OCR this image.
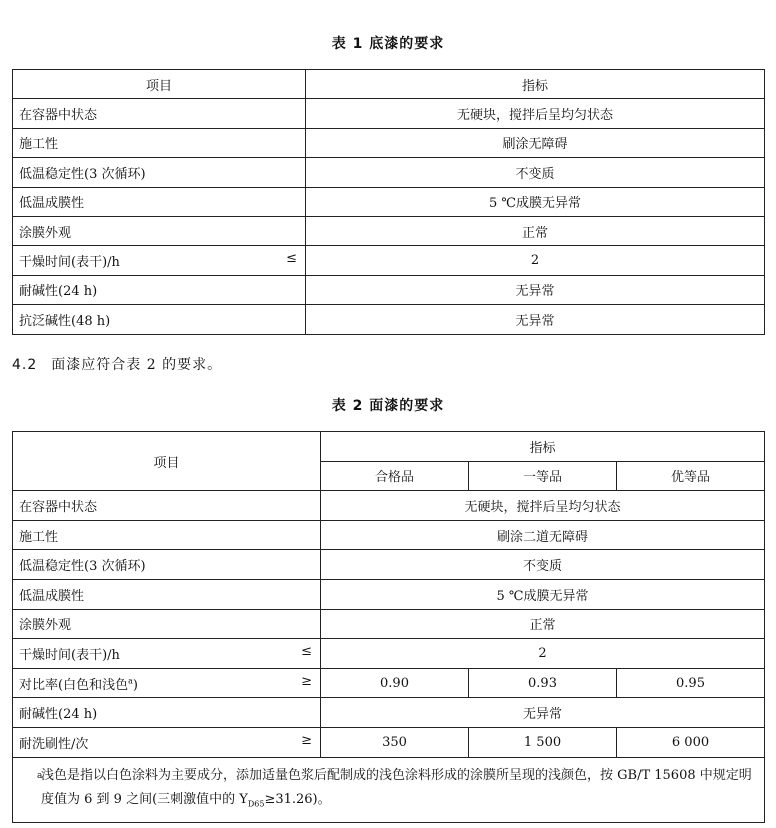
表 1 底漆的要求
项目	指标
在容器中状态	无硬块，搅拌后呈均匀状态
施工性	刷涂无障碍
低温稳定性(3 次循环)	不变质
低温成膜性	5 ℃成膜无异常
涂膜外观	正常
干燥时间(表干)/h ≤	2
耐碱性(24 h)	无异常
抗泛碱性(48 h)	无异常
4.2 面漆应符合表 2 的要求。
表 2 面漆的要求
项目	指标		
	合格品	一等品	优等品
在容器中状态	无硬块，搅拌后呈均匀状态		
施工性	刷涂二道无障碍		
低温稳定性(3 次循环)	不变质		
低温成膜性	5 ℃成膜无异常		
涂膜外观	正常		
干燥时间(表干)/h ≤	2		
对比率(白色和浅色$^a$) ≥	0.90	0.93	0.95
耐碱性(24 h)	无异常		
耐洗刷性/次 ≥	350	1 500	6 000

a
浅色是指以白色涂料为主要成分，添加适量色浆后配制成的浅色涂料形成的涂膜所呈现的浅颜色，按 GB/T 15608 中规定明度值为 6 到 9 之间(三刺激值中的 $Y_{D65}\ge 31.26$)。			
